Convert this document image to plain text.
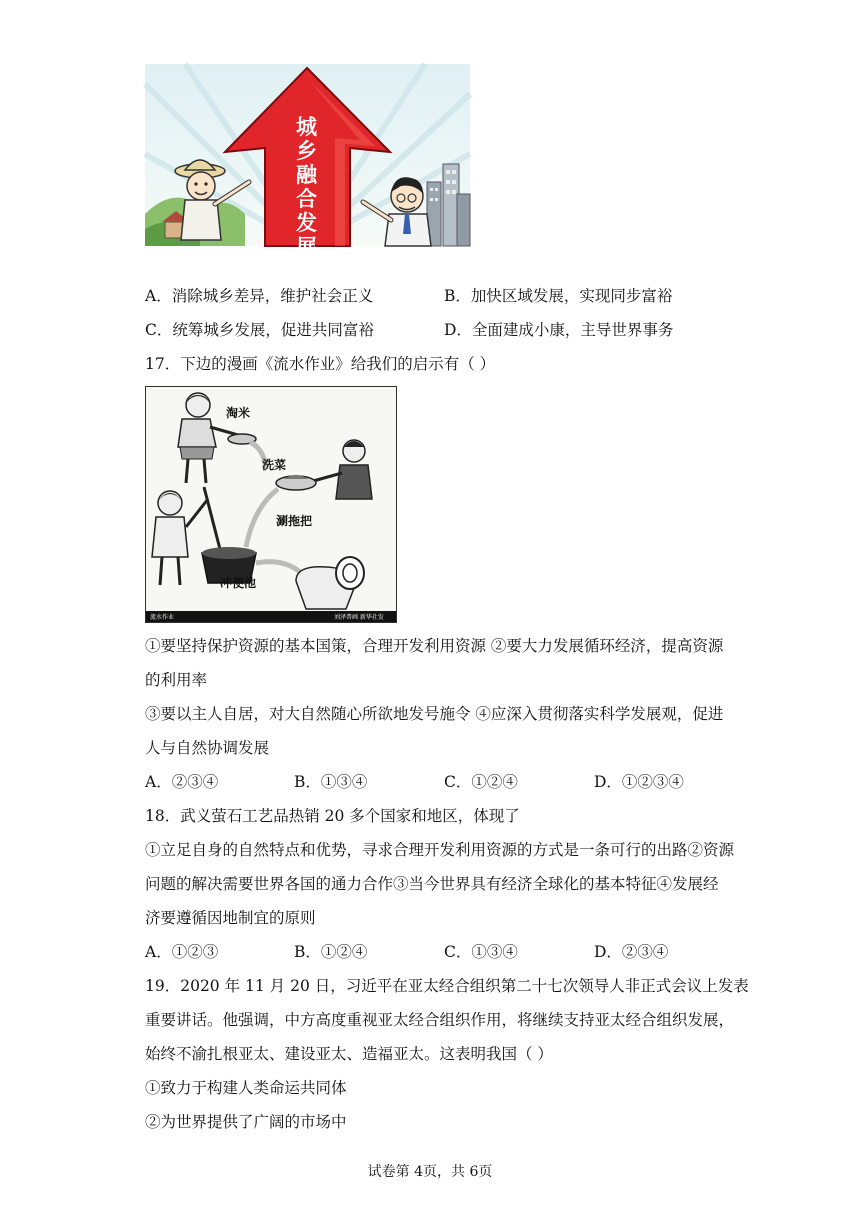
城
乡
融
合
发
展
A．消除城乡差异，维护社会正义	B．加快区域发展，实现同步富裕
C．统筹城乡发展，促进共同富裕	D．全面建成小康，主导世界事务
17．下边的漫画《流水作业》给我们的启示有（ ）
淘米
洗菜
涮拖把
冲便池
流水作业	刘泽普画 新华社发
①要坚持保护资源的基本国策，合理开发利用资源 ②要大力发展循环经济，提高资源
的利用率
③要以主人自居，对大自然随心所欲地发号施令 ④应深入贯彻落实科学发展观，促进
人与自然协调发展
A．②③④	B．①③④	C．①②④	D．①②③④
18．武义萤石工艺品热销 20 多个国家和地区，体现了
①立足自身的自然特点和优势，寻求合理开发利用资源的方式是一条可行的出路②资源
问题的解决需要世界各国的通力合作③当今世界具有经济全球化的基本特征④发展经
济要遵循因地制宜的原则
A．①②③	B．①②④	C．①③④	D．②③④
19．2020 年 11 月 20 日，习近平在亚太经合组织第二十七次领导人非正式会议上发表
重要讲话。他强调，中方高度重视亚太经合组织作用，将继续支持亚太经合组织发展，
始终不渝扎根亚太、建设亚太、造福亚太。这表明我国（ ）
①致力于构建人类命运共同体
②为世界提供了广阔的市场中
试卷第 4页，共 6页
